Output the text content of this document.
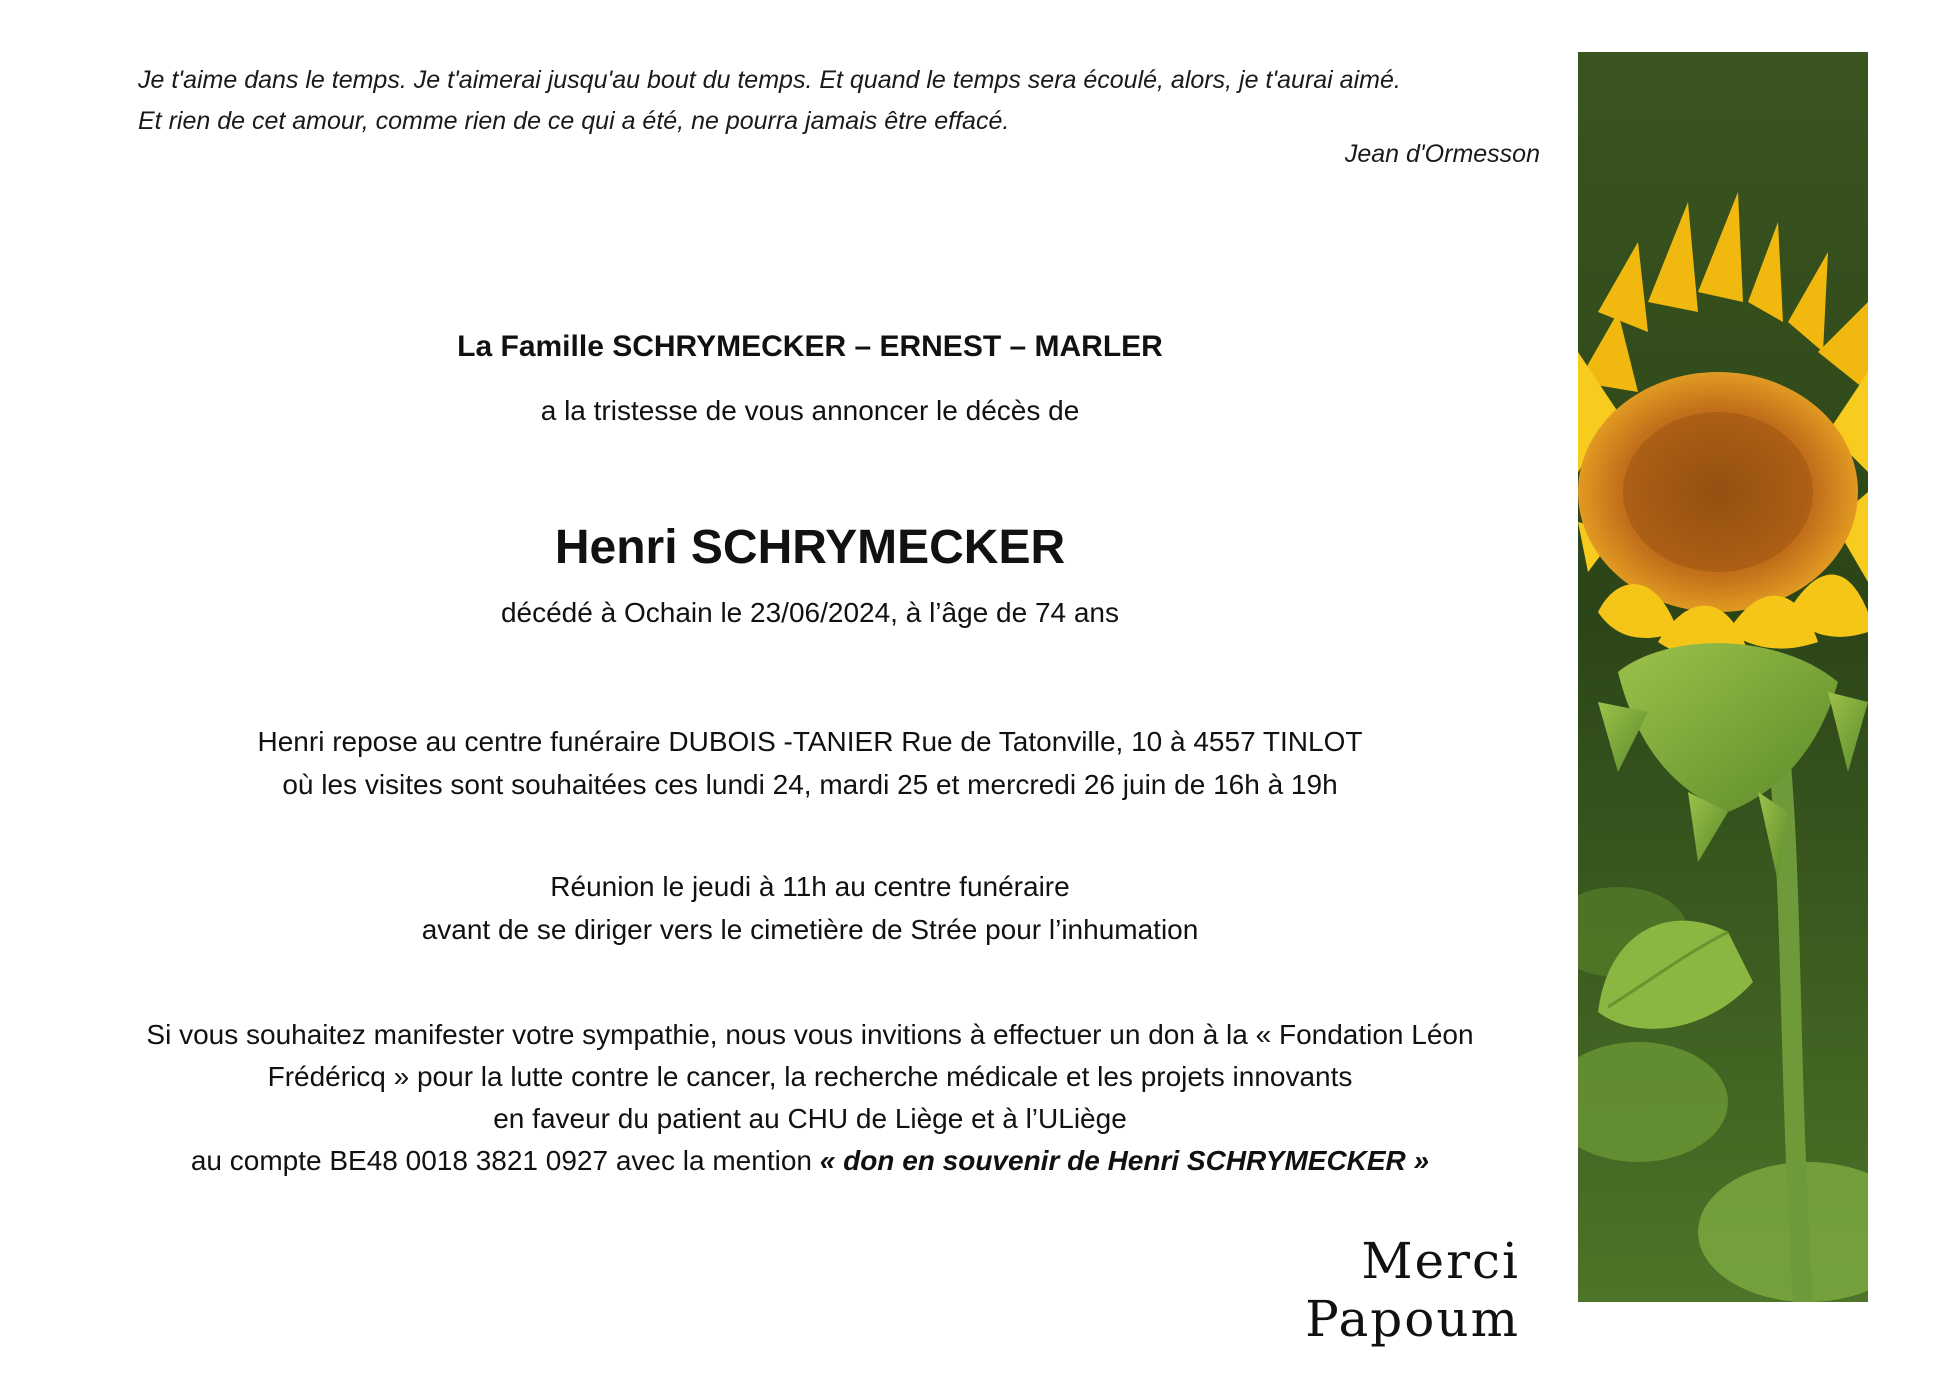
Je t'aime dans le temps. Je t'aimerai jusqu'au bout du temps. Et quand le temps sera écoulé, alors, je t'aurai aimé.
Et rien de cet amour, comme rien de ce qui a été, ne pourra jamais être effacé.
Jean d'Ormesson
La Famille SCHRYMECKER – ERNEST – MARLER
a la tristesse de vous annoncer le décès de
Henri SCHRYMECKER
décédé à Ochain le 23/06/2024, à l’âge de 74 ans
Henri repose au centre funéraire DUBOIS -TANIER Rue de Tatonville, 10 à 4557 TINLOT
où les visites sont souhaitées ces lundi 24, mardi 25 et mercredi 26 juin de 16h à 19h
Réunion le jeudi à 11h au centre funéraire
avant de se diriger vers le cimetière de Strée pour l’inhumation
Si vous souhaitez manifester votre sympathie, nous vous invitions à effectuer un don à la « Fondation Léon
Frédéricq » pour la lutte contre le cancer, la recherche médicale et les projets innovants
en faveur du patient au CHU de Liège et à l’ULiège
au compte BE48 0018 3821 0927 avec la mention « don en souvenir de Henri SCHRYMECKER »
Merci Papoum
